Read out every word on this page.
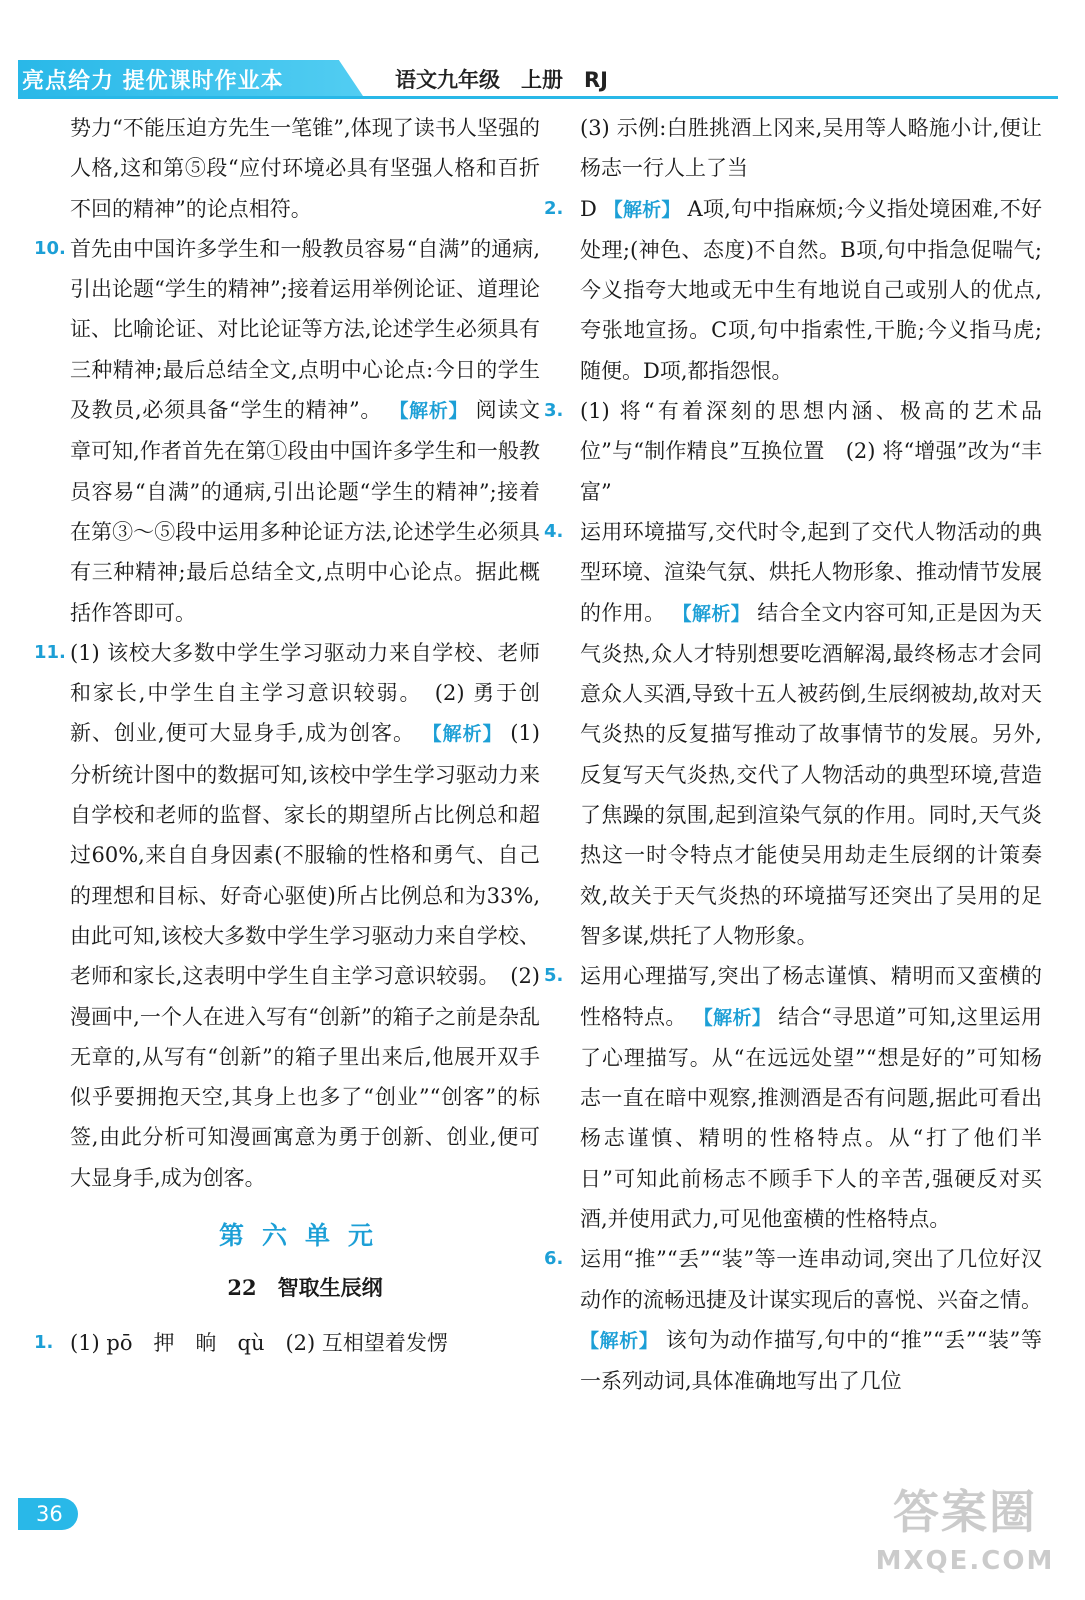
亮点给力 提优课时作业本	语文九年级　上册　RJ
势力“不能压迫方先生一笔锥”,体现了读书人坚强的人格,这和第⑤段“应付环境必具有坚强人格和百折不回的精神”的论点相符。
10. 首先由中国许多学生和一般教员容易“自满”的通病,引出论题“学生的精神”;接着运用举例论证、道理论证、比喻论证、对比论证等方法,论述学生必须具有三种精神;最后总结全文,点明中心论点:今日的学生及教员,必须具备“学生的精神”。 【解析】 阅读文章可知,作者首先在第①段由中国许多学生和一般教员容易“自满”的通病,引出论题“学生的精神”;接着在第③～⑤段中运用多种论证方法,论述学生必须具有三种精神;最后总结全文,点明中心论点。据此概括作答即可。
11. (1) 该校大多数中学生学习驱动力来自学校、老师和家长,中学生自主学习意识较弱。　(2) 勇于创新、创业,便可大显身手,成为创客。 【解析】 (1) 分析统计图中的数据可知,该校中学生学习驱动力来自学校和老师的监督、家长的期望所占比例总和超过60%,来自自身因素(不服输的性格和勇气、自己的理想和目标、好奇心驱使)所占比例总和为33%,由此可知,该校大多数中学生学习驱动力来自学校、老师和家长,这表明中学生自主学习意识较弱。　(2) 漫画中,一个人在进入写有“创新”的箱子之前是杂乱无章的,从写有“创新”的箱子里出来后,他展开双手似乎要拥抱天空,其身上也多了“创业”“创客”的标签,由此分析可知漫画寓意为勇于创新、创业,便可大显身手,成为创客。
第六单元
22　智取生辰纲
1. (1) pō　押　晌　qù　(2) 互相望着发愣
(3) 示例:白胜挑酒上冈来,吴用等人略施小计,便让杨志一行人上了当
2. D 【解析】 A项,句中指麻烦;今义指处境困难,不好处理;(神色、态度)不自然。B项,句中指急促喘气;今义指夸大地或无中生有地说自己或别人的优点,夸张地宣扬。C项,句中指索性,干脆;今义指马虎;随便。D项,都指怨恨。
3. (1) 将“有着深刻的思想内涵、极高的艺术品位”与“制作精良”互换位置　(2) 将“增强”改为“丰富”
4. 运用环境描写,交代时令,起到了交代人物活动的典型环境、渲染气氛、烘托人物形象、推动情节发展的作用。 【解析】 结合全文内容可知,正是因为天气炎热,众人才特别想要吃酒解渴,最终杨志才会同意众人买酒,导致十五人被药倒,生辰纲被劫,故对天气炎热的反复描写推动了故事情节的发展。另外,反复写天气炎热,交代了人物活动的典型环境,营造了焦躁的氛围,起到渲染气氛的作用。同时,天气炎热这一时令特点才能使吴用劫走生辰纲的计策奏效,故关于天气炎热的环境描写还突出了吴用的足智多谋,烘托了人物形象。
5. 运用心理描写,突出了杨志谨慎、精明而又蛮横的性格特点。 【解析】 结合“寻思道”可知,这里运用了心理描写。从“在远远处望”“想是好的”可知杨志一直在暗中观察,推测酒是否有问题,据此可看出杨志谨慎、精明的性格特点。从“打了他们半日”可知此前杨志不顾手下人的辛苦,强硬反对买酒,并使用武力,可见他蛮横的性格特点。
6. 运用“推”“丢”“装”等一连串动词,突出了几位好汉动作的流畅迅捷及计谋实现后的喜悦、兴奋之情。 【解析】 该句为动作描写,句中的“推”“丢”“装”等一系列动词,具体准确地写出了几位
36	答案圈
MXQE.COM
